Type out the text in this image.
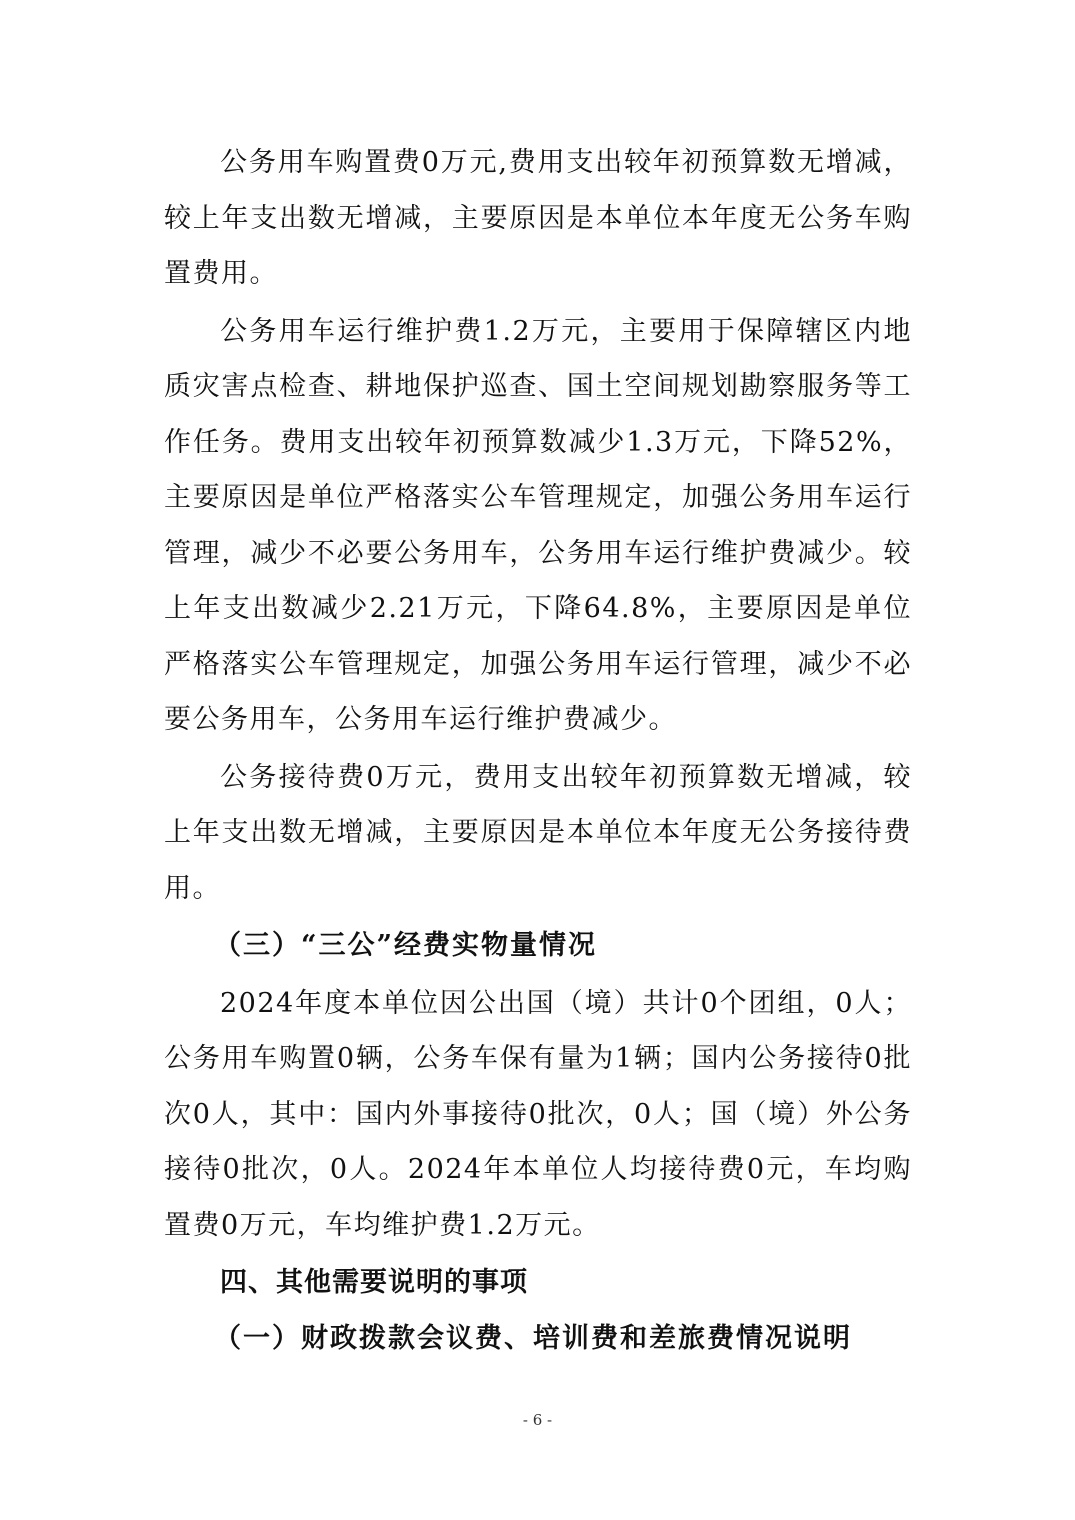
公务用车购置费0万元,费用支出较年初预算数无增减，较上年支出数无增减，主要原因是本单位本年度无公务车购置费用。

公务用车运行维护费1.2万元，主要用于保障辖区内地质灾害点检查、耕地保护巡查、国土空间规划勘察服务等工作任务。费用支出较年初预算数减少1.3万元，下降52%，主要原因是单位严格落实公车管理规定，加强公务用车运行管理，减少不必要公务用车，公务用车运行维护费减少。较上年支出数减少2.21万元，下降64.8%，主要原因是单位严格落实公车管理规定，加强公务用车运行管理，减少不必要公务用车，公务用车运行维护费减少。

公务接待费0万元，费用支出较年初预算数无增减，较上年支出数无增减，主要原因是本单位本年度无公务接待费用。

（三）“三公”经费实物量情况

2024年度本单位因公出国（境）共计0个团组，0人；公务用车购置0辆，公务车保有量为1辆；国内公务接待0批次0人，其中：国内外事接待0批次，0人；国（境）外公务接待0批次，0人。2024年本单位人均接待费0元，车均购置费0万元，车均维护费1.2万元。

四、其他需要说明的事项

（一）财政拨款会议费、培训费和差旅费情况说明

- 6 -
